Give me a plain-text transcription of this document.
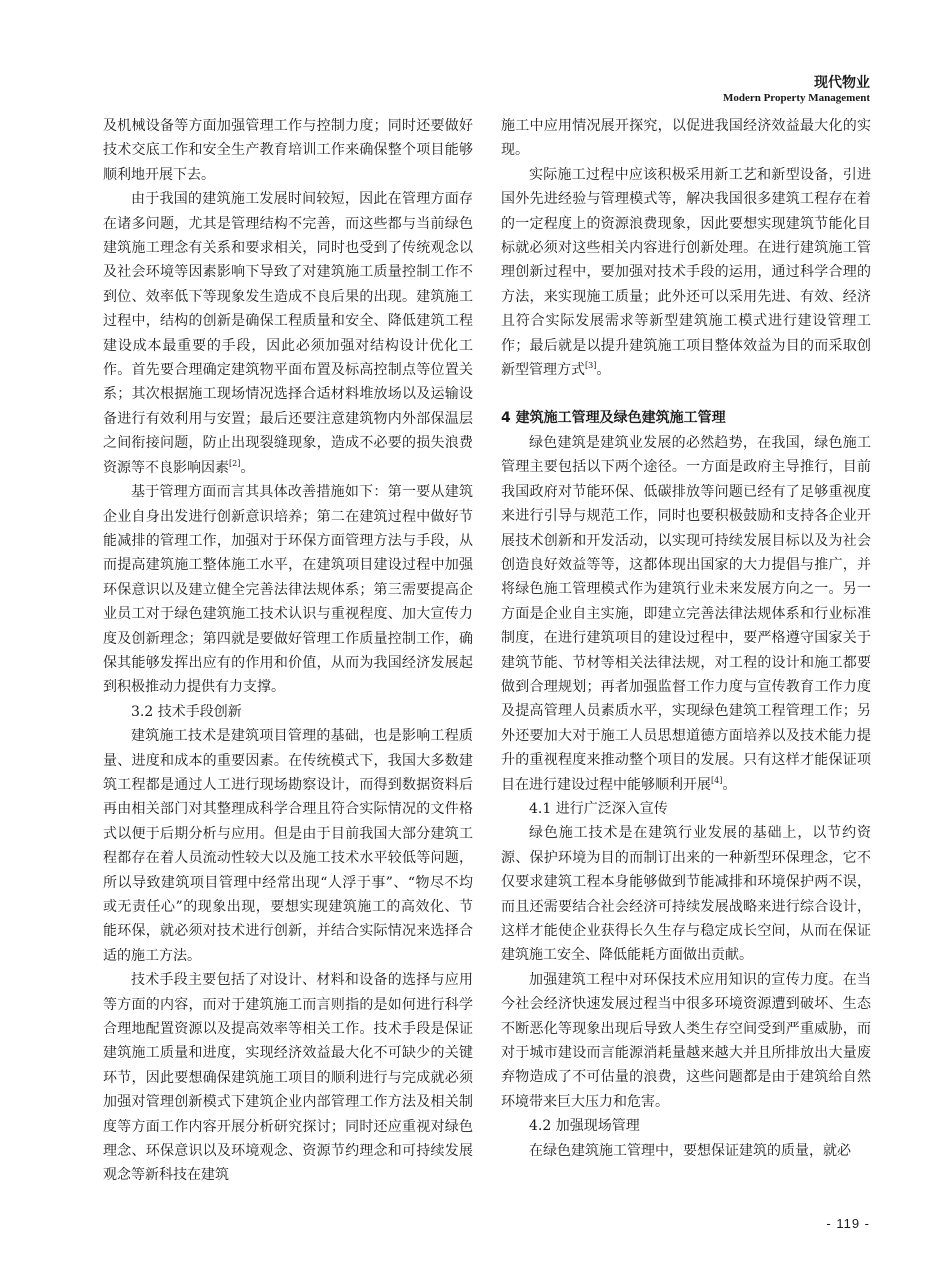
现代物业
Modern Property Management

及机械设备等方面加强管理工作与控制力度；同时还要做好技术交底工作和安全生产教育培训工作来确保整个项目能够顺利地开展下去。

由于我国的建筑施工发展时间较短，因此在管理方面存在诸多问题，尤其是管理结构不完善，而这些都与当前绿色建筑施工理念有关系和要求相关，同时也受到了传统观念以及社会环境等因素影响下导致了对建筑施工质量控制工作不到位、效率低下等现象发生造成不良后果的出现。建筑施工过程中，结构的创新是确保工程质量和安全、降低建筑工程建设成本最重要的手段，因此必须加强对结构设计优化工作。首先要合理确定建筑物平面布置及标高控制点等位置关系；其次根据施工现场情况选择合适材料堆放场以及运输设备进行有效利用与安置；最后还要注意建筑物内外部保温层之间衔接问题，防止出现裂缝现象，造成不必要的损失浪费资源等不良影响因素[2]。

基于管理方面而言其具体改善措施如下：第一要从建筑企业自身出发进行创新意识培养；第二在建筑过程中做好节能减排的管理工作，加强对于环保方面管理方法与手段，从而提高建筑施工整体施工水平，在建筑项目建设过程中加强环保意识以及建立健全完善法律法规体系；第三需要提高企业员工对于绿色建筑施工技术认识与重视程度、加大宣传力度及创新理念；第四就是要做好管理工作质量控制工作，确保其能够发挥出应有的作用和价值，从而为我国经济发展起到积极推动力提供有力支撑。

3.2 技术手段创新

建筑施工技术是建筑项目管理的基础，也是影响工程质量、进度和成本的重要因素。在传统模式下，我国大多数建筑工程都是通过人工进行现场勘察设计，而得到数据资料后再由相关部门对其整理成科学合理且符合实际情况的文件格式以便于后期分析与应用。但是由于目前我国大部分建筑工程都存在着人员流动性较大以及施工技术水平较低等问题，所以导致建筑项目管理中经常出现“人浮于事”、“物尽不均或无责任心”的现象出现，要想实现建筑施工的高效化、节能环保，就必须对技术进行创新，并结合实际情况来选择合适的施工方法。

技术手段主要包括了对设计、材料和设备的选择与应用等方面的内容，而对于建筑施工而言则指的是如何进行科学合理地配置资源以及提高效率等相关工作。技术手段是保证建筑施工质量和进度，实现经济效益最大化不可缺少的关键环节，因此要想确保建筑施工项目的顺利进行与完成就必须加强对管理创新模式下建筑企业内部管理工作方法及相关制度等方面工作内容开展分析研究探讨；同时还应重视对绿色理念、环保意识以及环境观念、资源节约理念和可持续发展观念等新科技在建筑

施工中应用情况展开探究，以促进我国经济效益最大化的实现。

实际施工过程中应该积极采用新工艺和新型设备，引进国外先进经验与管理模式等，解决我国很多建筑工程存在着的一定程度上的资源浪费现象，因此要想实现建筑节能化目标就必须对这些相关内容进行创新处理。在进行建筑施工管理创新过程中，要加强对技术手段的运用，通过科学合理的方法，来实现施工质量；此外还可以采用先进、有效、经济且符合实际发展需求等新型建筑施工模式进行建设管理工作；最后就是以提升建筑施工项目整体效益为目的而采取创新型管理方式[3]。

4 建筑施工管理及绿色建筑施工管理

绿色建筑是建筑业发展的必然趋势，在我国，绿色施工管理主要包括以下两个途径。一方面是政府主导推行，目前我国政府对节能环保、低碳排放等问题已经有了足够重视度来进行引导与规范工作，同时也要积极鼓励和支持各企业开展技术创新和开发活动，以实现可持续发展目标以及为社会创造良好效益等等，这都体现出国家的大力提倡与推广，并将绿色施工管理模式作为建筑行业未来发展方向之一。另一方面是企业自主实施，即建立完善法律法规体系和行业标准制度，在进行建筑项目的建设过程中，要严格遵守国家关于建筑节能、节材等相关法律法规，对工程的设计和施工都要做到合理规划；再者加强监督工作力度与宣传教育工作力度及提高管理人员素质水平，实现绿色建筑工程管理工作；另外还要加大对于施工人员思想道德方面培养以及技术能力提升的重视程度来推动整个项目的发展。只有这样才能保证项目在进行建设过程中能够顺利开展[4]。

4.1 进行广泛深入宣传

绿色施工技术是在建筑行业发展的基础上，以节约资源、保护环境为目的而制订出来的一种新型环保理念，它不仅要求建筑工程本身能够做到节能减排和环境保护两不误，而且还需要结合社会经济可持续发展战略来进行综合设计，这样才能使企业获得长久生存与稳定成长空间，从而在保证建筑施工安全、降低能耗方面做出贡献。

加强建筑工程中对环保技术应用知识的宣传力度。在当今社会经济快速发展过程当中很多环境资源遭到破坏、生态不断恶化等现象出现后导致人类生存空间受到严重威胁，而对于城市建设而言能源消耗量越来越大并且所排放出大量废弃物造成了不可估量的浪费，这些问题都是由于建筑给自然环境带来巨大压力和危害。

4.2 加强现场管理

在绿色建筑施工管理中，要想保证建筑的质量，就必

- 119 -
